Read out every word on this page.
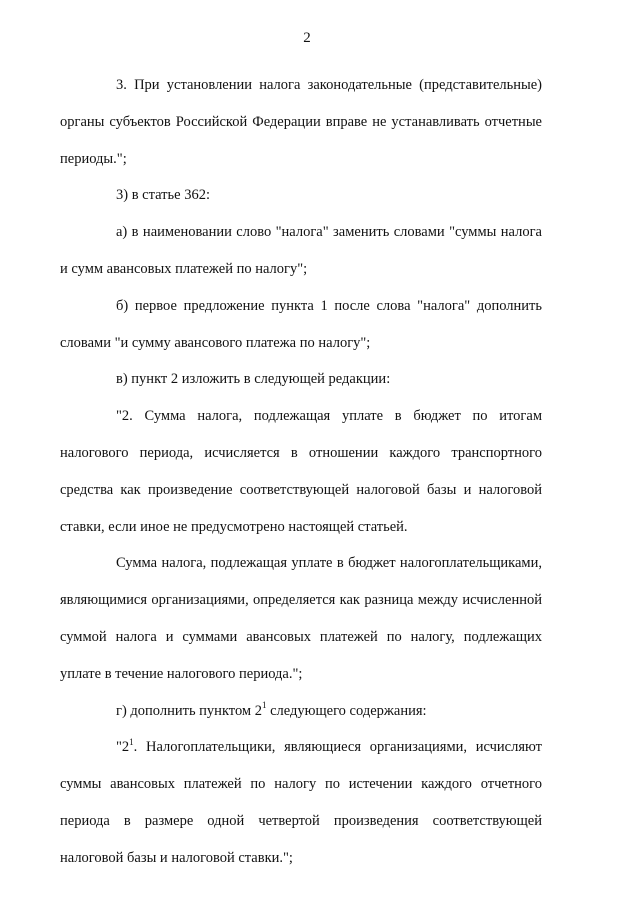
2

3. При установлении налога законодательные (представительные) органы субъектов Российской Федерации вправе не устанавливать отчетные периоды.";

3) в статье 362:

а) в наименовании слово "налога" заменить словами "суммы налога и сумм авансовых платежей по налогу";

б) первое предложение пункта 1 после слова "налога" дополнить словами "и сумму авансового платежа по налогу";

в) пункт 2 изложить в следующей редакции:

"2. Сумма налога, подлежащая уплате в бюджет по итогам налогового периода, исчисляется в отношении каждого транспортного средства как произведение соответствующей налоговой базы и налоговой ставки, если иное не предусмотрено настоящей статьей.

Сумма налога, подлежащая уплате в бюджет налогоплательщиками, являющимися организациями, определяется как разница между исчисленной суммой налога и суммами авансовых платежей по налогу, подлежащих уплате в течение налогового периода.";

г) дополнить пунктом $2^1$ следующего содержания:

"$2^1$. Налогоплательщики, являющиеся организациями, исчисляют суммы авансовых платежей по налогу по истечении каждого отчетного периода в размере одной четвертой произведения соответствующей налоговой базы и налоговой ставки.";
